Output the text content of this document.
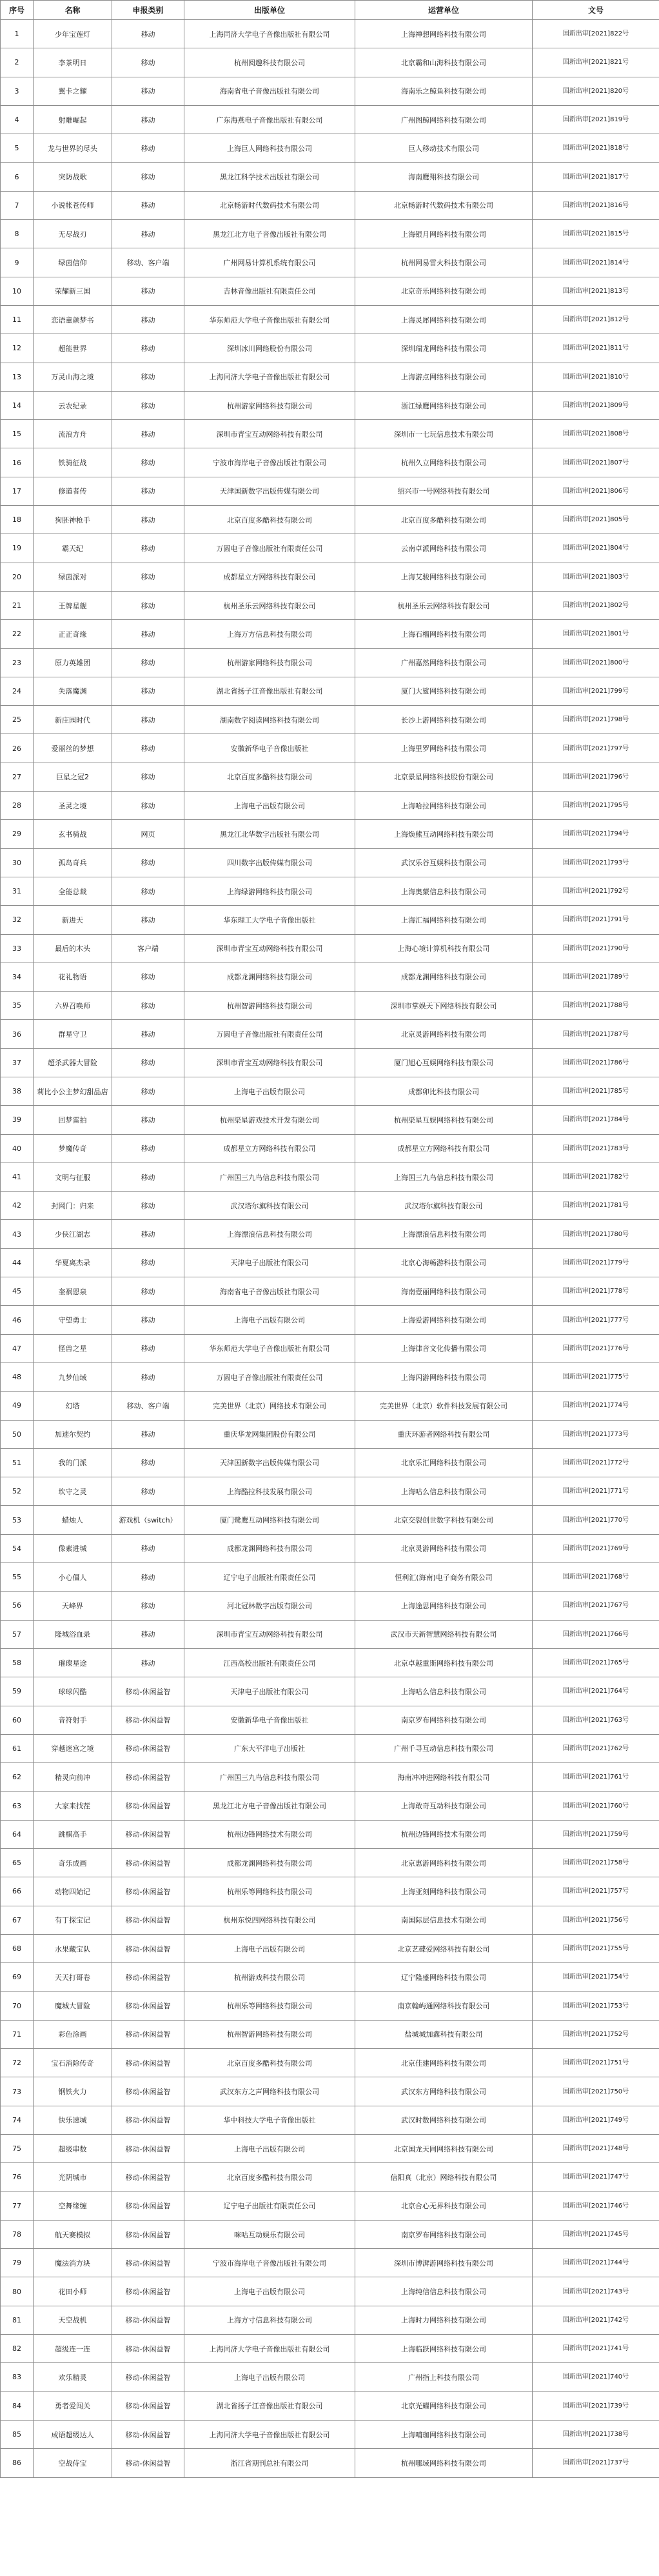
序号	名称	申报类别	出版单位	运营单位	文号
1	少年宝莲灯	移动	上海同济大学电子音像出版社有限公司	上海禅想网络科技有限公司	国新出审[2021]822号
2	李茶明日	移动	杭州阅趣科技有限公司	北京霸和山海科技有限公司	国新出审[2021]821号
3	翼卡之耀	移动	海南省电子音像出版社有限公司	海南乐之鲸鱼科技有限公司	国新出审[2021]820号
4	射雕崛起	移动	广东海燕电子音像出版社有限公司	广州图鲸网络科技有限公司	国新出审[2021]819号
5	龙与世界的尽头	移动	上海巨人网络科技有限公司	巨人移动技术有限公司	国新出审[2021]818号
6	突防战歌	移动	黑龙江科学技术出版社有限公司	海南鹰翔科技有限公司	国新出审[2021]817号
7	小说帐苍传师	移动	北京畅游时代数码技术有限公司	北京畅游时代数码技术有限公司	国新出审[2021]816号
8	无尽战刃	移动	黑龙江北方电子音像出版社有限公司	上海银月网络科技有限公司	国新出审[2021]815号
9	绿茵信仰	移动、客户端	广州网易计算机系统有限公司	杭州网易雷火科技有限公司	国新出审[2021]814号
10	荣耀新三国	移动	吉林音像出版社有限责任公司	北京奇乐网络科技有限公司	国新出审[2021]813号
11	恋语童颜梦书	移动	华东师范大学电子音像出版社有限公司	上海灵犀网络科技有限公司	国新出审[2021]812号
12	超能世界	移动	深圳冰川网络股份有限公司	深圳瑞龙网络科技有限公司	国新出审[2021]811号
13	万灵山海之境	移动	上海同济大学电子音像出版社有限公司	上海游点网络科技有限公司	国新出审[2021]810号
14	云农纪录	移动	杭州游家网络科技有限公司	浙江绿鹰网络科技有限公司	国新出审[2021]809号
15	流浪方舟	移动	深圳市青宝互动网络科技有限公司	深圳市一七玩信息技术有限公司	国新出审[2021]808号
16	铁骑征战	移动	宁波市海岸电子音像出版社有限公司	杭州久立网络科技有限公司	国新出审[2021]807号
17	修道者传	移动	天津国新数字出版传媒有限公司	绍兴市一号网络科技有限公司	国新出审[2021]806号
18	狗胚神枪手	移动	北京百度多酷科技有限公司	北京百度多酷科技有限公司	国新出审[2021]805号
19	霸天纪	移动	万圆电子音像出版社有限责任公司	云南卓派网络科技有限公司	国新出审[2021]804号
20	绿茵派对	移动	成都星立方网络科技有限公司	上海艾骏网络科技有限公司	国新出审[2021]803号
21	王牌星舰	移动	杭州圣乐云网络科技有限公司	杭州圣乐云网络科技有限公司	国新出审[2021]802号
22	正正奇缘	移动	上海万方信息科技有限公司	上海石榴网络科技有限公司	国新出审[2021]801号
23	原力英雄团	移动	杭州游家网络科技有限公司	广州嘉然网络科技有限公司	国新出审[2021]800号
24	失落魔渊	移动	湖北省扬子江音像出版社有限公司	厦门大鲨网络科技有限公司	国新出审[2021]799号
25	新庄园时代	移动	湖南数字阅读网络科技有限公司	长沙上游网络科技有限公司	国新出审[2021]798号
26	爱丽丝的梦想	移动	安徽新华电子音像出版社	上海里罗网络科技有限公司	国新出审[2021]797号
27	巨星之冠2	移动	北京百度多酷科技有限公司	北京景星网络科技股份有限公司	国新出审[2021]796号
28	圣灵之境	移动	上海电子出版有限公司	上海哈拉网络科技有限公司	国新出审[2021]795号
29	玄书骑战	网页	黑龙江北华数字出版社有限公司	上海焕熊互动网络科技有限公司	国新出审[2021]794号
30	孤岛奇兵	移动	四川数字出版传媒有限公司	武汉乐谷互娱科技有限公司	国新出审[2021]793号
31	全能总裁	移动	上海绿游网络科技有限公司	上海奥蒙信息科技有限公司	国新出审[2021]792号
32	新进天	移动	华东理工大学电子音像出版社	上海汇福网络科技有限公司	国新出审[2021]791号
33	最后的木头	客户端	深圳市青宝互动网络科技有限公司	上海心境计算机科技有限公司	国新出审[2021]790号
34	花礼物语	移动	成都龙渊网络科技有限公司	成都龙渊网络科技有限公司	国新出审[2021]789号
35	六界召唤师	移动	杭州智游网络科技有限公司	深圳市掌娱天下网络科技有限公司	国新出审[2021]788号
36	群星守卫	移动	万圆电子音像出版社有限责任公司	北京灵游网络科技有限公司	国新出审[2021]787号
37	超杀武器大冒险	移动	深圳市青宝互动网络科技有限公司	厦门旭心互娱网络科技有限公司	国新出审[2021]786号
38	莉比小公主梦幻甜品店	移动	上海电子出版有限公司	成都卯比科技有限公司	国新出审[2021]785号
39	回梦雷拍	移动	杭州渠星游戏技术开发有限公司	杭州渠星互娱网络科技有限公司	国新出审[2021]784号
40	梦魔传奇	移动	成都星立方网络科技有限公司	成都星立方网络科技有限公司	国新出审[2021]783号
41	文明与征服	移动	广州国三九鸟信息科技有限公司	上海国三九鸟信息科技有限公司	国新出审[2021]782号
42	封网门：归来	移动	武汉塔尔旗科技有限公司	武汉塔尔旗科技有限公司	国新出审[2021]781号
43	少侠江湖志	移动	上海漂浪信息科技有限公司	上海漂浪信息科技有限公司	国新出审[2021]780号
44	华夏离杰录	移动	天津电子出版社有限公司	北京心海畅游科技有限公司	国新出审[2021]779号
45	奎祸恩泉	移动	海南省电子音像出版社有限公司	海南壹丽网络科技有限公司	国新出审[2021]778号
46	守望勇士	移动	上海电子出版有限公司	上海爱游网络科技有限公司	国新出审[2021]777号
47	怪兽之星	移动	华东师范大学电子音像出版社有限公司	上海律音文化传播有限公司	国新出审[2021]776号
48	九梦仙域	移动	万圆电子音像出版社有限责任公司	上海闪游网络科技有限公司	国新出审[2021]775号
49	幻塔	移动、客户端	完美世界（北京）网络技术有限公司	完美世界（北京）软件科技发展有限公司	国新出审[2021]774号
50	加速尔契约	移动	重庆华龙网集团股份有限公司	重庆环游者网络科技有限公司	国新出审[2021]773号
51	我的门派	移动	天津国新数字出版传媒有限公司	北京乐汇网络科技有限公司	国新出审[2021]772号
52	坎守之灵	移动	上海酷拉科技发展有限公司	上海咕么信息科技有限公司	国新出审[2021]771号
53	蜡烛人	游戏机（switch）	厦门鹭鹰互动网络科技有限公司	北京交裂创世数字科技有限公司	国新出审[2021]770号
54	像素进城	移动	成都龙渊网络科技有限公司	北京灵游网络科技有限公司	国新出审[2021]769号
55	小心僵人	移动	辽宁电子出版社有限责任公司	恒利汇(海南)电子商务有限公司	国新出审[2021]768号
56	天峰界	移动	河北冠林数字出版有限公司	上海途思网络科技有限公司	国新出审[2021]767号
57	隆城浴血录	移动	深圳市青宝互动网络科技有限公司	武汉市天新智慧网络科技有限公司	国新出审[2021]766号
58	璀璨星途	移动	江西高校出版社有限责任公司	北京卓越重斯网络科技有限公司	国新出审[2021]765号
59	球球闪酷	移动-休闲益智	天津电子出版社有限公司	上海咕么信息科技有限公司	国新出审[2021]764号
60	音符射手	移动-休闲益智	安徽新华电子音像出版社	南京罗布网络科技有限公司	国新出审[2021]763号
61	穿越迷宫之境	移动-休闲益智	广东大平洋电子出版社	广州千寻互动信息科技有限公司	国新出审[2021]762号
62	精灵向前冲	移动-休闲益智	广州国三九鸟信息科技有限公司	海南冲冲进网络科技有限公司	国新出审[2021]761号
63	大家来找茬	移动-休闲益智	黑龙江北方电子音像出版社有限公司	上海敢奇互动科技有限公司	国新出审[2021]760号
64	跳棋高手	移动-休闲益智	杭州边锋网络技术有限公司	杭州边锋网络技术有限公司	国新出审[2021]759号
65	奇乐成画	移动-休闲益智	成都龙渊网络科技有限公司	北京惠游网络科技有限公司	国新出审[2021]758号
66	动物四始记	移动-休闲益智	杭州乐等网络科技有限公司	上海亚刻网络科技有限公司	国新出审[2021]757号
67	有丁探宝记	移动-休闲益智	杭州东悦四网络科技有限公司	南国际层信息技术有限公司	国新出审[2021]756号
68	水果藏宝队	移动-休闲益智	上海电子出版有限公司	北京艺碟爱网络科技有限公司	国新出审[2021]755号
69	天天打哥卷	移动-休闲益智	杭州游戏科技有限公司	辽宁隆盛网络科技有限公司	国新出审[2021]754号
70	魔城大冒险	移动-休闲益智	杭州乐等网络科技有限公司	南京翰屿通网络科技有限公司	国新出审[2021]753号
71	彩色涂画	移动-休闲益智	杭州智游网络科技有限公司	盐城城加鑫科技有限公司	国新出审[2021]752号
72	宝石消除传奇	移动-休闲益智	北京百度多酷科技有限公司	北京佳建网络科技有限公司	国新出审[2021]751号
73	钢铁火力	移动-休闲益智	武汉东方之声网络科技有限公司	武汉东方网络科技有限公司	国新出审[2021]750号
74	快乐速城	移动-休闲益智	华中科技大学电子音像出版社	武汉时数网络科技有限公司	国新出审[2021]749号
75	超级串数	移动-休闲益智	上海电子出版有限公司	北京国龙天同网络科技有限公司	国新出审[2021]748号
76	光阴城市	移动-休闲益智	北京百度多酷科技有限公司	信阳真（北京）网络科技有限公司	国新出审[2021]747号
77	空舞缘缠	移动-休闲益智	辽宁电子出版社有限责任公司	北京合心无界科技有限公司	国新出审[2021]746号
78	航天赛模拟	移动-休闲益智	咪咕互动娱乐有限公司	南京罗布网络科技有限公司	国新出审[2021]745号
79	魔法消方块	移动-休闲益智	宁波市海岸电子音像出版社有限公司	深圳市博湃游网络科技有限公司	国新出审[2021]744号
80	花田小师	移动-休闲益智	上海电子出版有限公司	上海纯信信息科技有限公司	国新出审[2021]743号
81	天空战机	移动-休闲益智	上海方寸信息科技有限公司	上海时力网络科技有限公司	国新出审[2021]742号
82	超级连一连	移动-休闲益智	上海同济大学电子音像出版社有限公司	上海临跃网络科技有限公司	国新出审[2021]741号
83	欢乐精灵	移动-休闲益智	上海电子出版有限公司	广州指上科技有限公司	国新出审[2021]740号
84	勇者爱闯关	移动-休闲益智	湖北省扬子江音像出版社有限公司	北京光耀网络科技有限公司	国新出审[2021]739号
85	成语超级达人	移动-休闲益智	上海同济大学电子音像出版社有限公司	上海哺珈网络科技有限公司	国新出审[2021]738号
86	空战侍宝	移动-休闲益智	浙江省期刊总社有限公司	杭州哪域网络科技有限公司	国新出审[2021]737号
